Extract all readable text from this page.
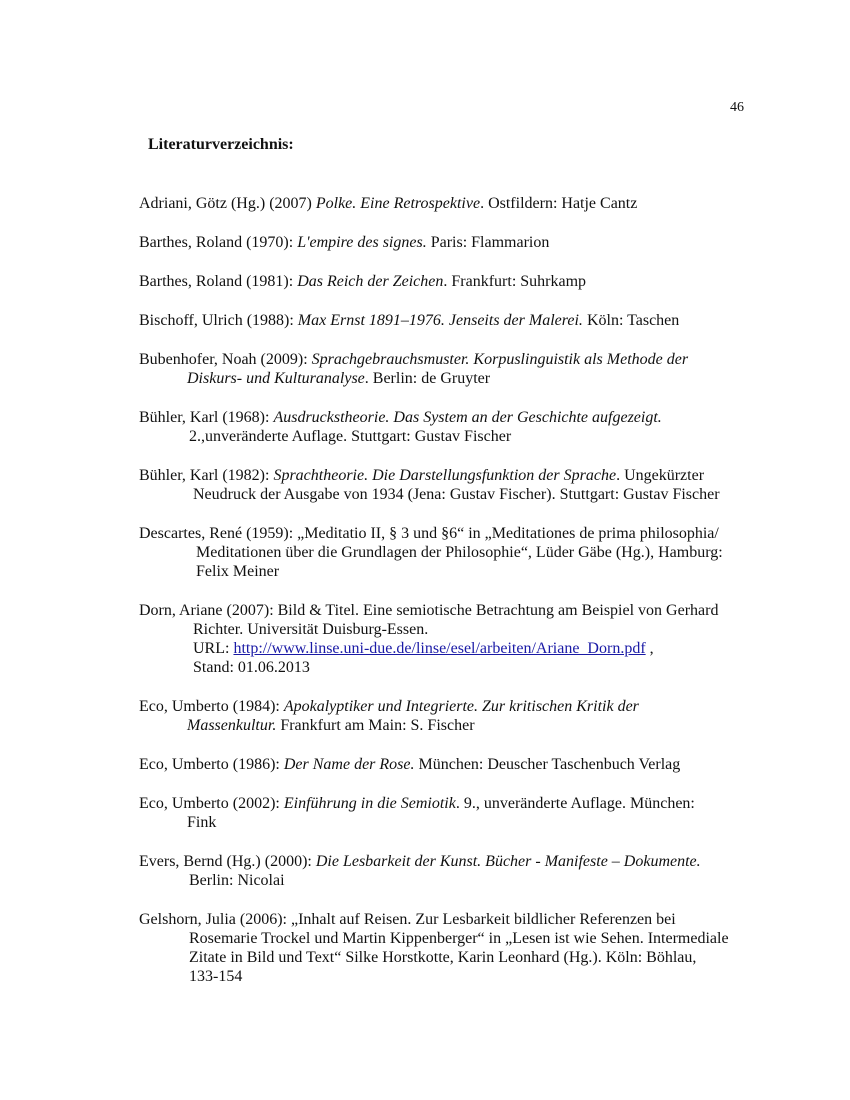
46
Literaturverzeichnis:
Adriani, Götz (Hg.) (2007) Polke. Eine Retrospektive. Ostfildern: Hatje Cantz
Barthes, Roland (1970): L'empire des signes. Paris: Flammarion
Barthes, Roland (1981): Das Reich der Zeichen. Frankfurt: Suhrkamp
Bischoff, Ulrich (1988): Max Ernst 1891–1976. Jenseits der Malerei. Köln: Taschen
Bubenhofer, Noah (2009): Sprachgebrauchsmuster. Korpuslinguistik als Methode der
Diskurs- und Kulturanalyse. Berlin: de Gruyter
Bühler, Karl (1968): Ausdruckstheorie. Das System an der Geschichte aufgezeigt.
2.,unveränderte Auflage. Stuttgart: Gustav Fischer
Bühler, Karl (1982): Sprachtheorie. Die Darstellungsfunktion der Sprache. Ungekürzter
Neudruck der Ausgabe von 1934 (Jena: Gustav Fischer). Stuttgart: Gustav Fischer
Descartes, René (1959): „Meditatio II, § 3 und §6“ in „Meditationes de prima philosophia/
Meditationen über die Grundlagen der Philosophie“, Lüder Gäbe (Hg.), Hamburg:
Felix Meiner
Dorn, Ariane (2007): Bild & Titel. Eine semiotische Betrachtung am Beispiel von Gerhard
Richter. Universität Duisburg-Essen.
URL: http://www.linse.uni-due.de/linse/esel/arbeiten/Ariane_Dorn.pdf ,
Stand: 01.06.2013
Eco, Umberto (1984): Apokalyptiker und Integrierte. Zur kritischen Kritik der
Massenkultur. Frankfurt am Main: S. Fischer
Eco, Umberto (1986): Der Name der Rose. München: Deuscher Taschenbuch Verlag
Eco, Umberto (2002): Einführung in die Semiotik. 9., unveränderte Auflage. München:
Fink
Evers, Bernd (Hg.) (2000): Die Lesbarkeit der Kunst. Bücher - Manifeste – Dokumente.
Berlin: Nicolai
Gelshorn, Julia (2006): „Inhalt auf Reisen. Zur Lesbarkeit bildlicher Referenzen bei
Rosemarie Trockel und Martin Kippenberger“ in „Lesen ist wie Sehen. Intermediale
Zitate in Bild und Text“ Silke Horstkotte, Karin Leonhard (Hg.). Köln: Böhlau,
133-154
